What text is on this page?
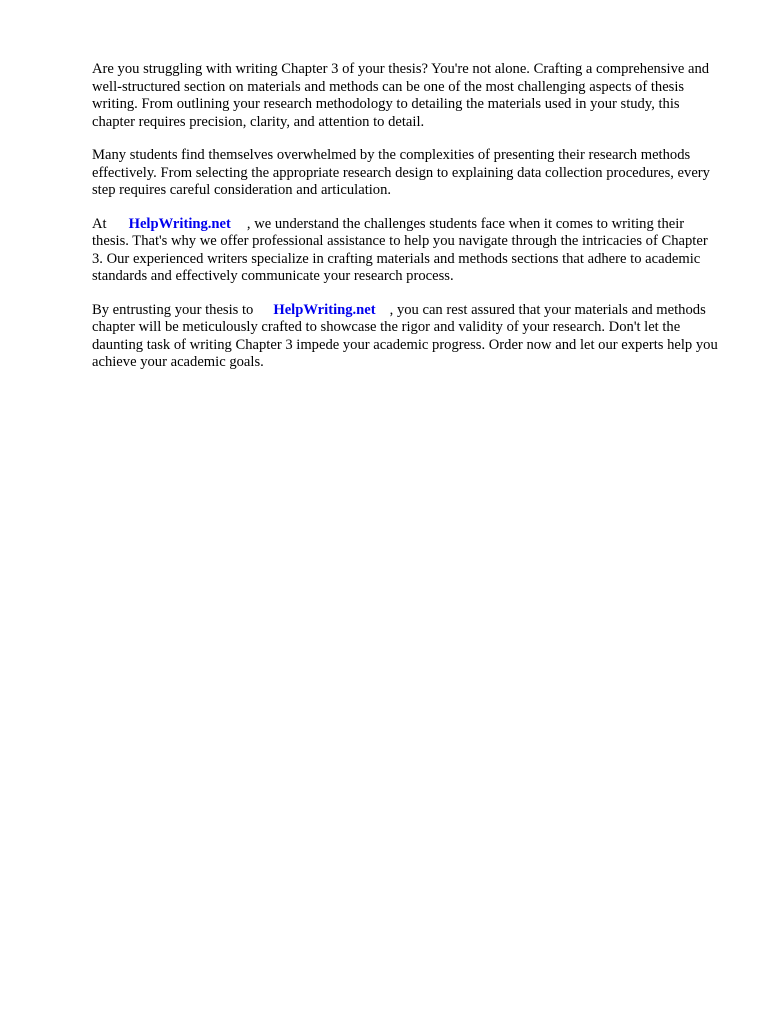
Are you struggling with writing Chapter 3 of your thesis? You're not alone. Crafting a comprehensive and well-structured section on materials and methods can be one of the most challenging aspects of thesis writing. From outlining your research methodology to detailing the materials used in your study, this chapter requires precision, clarity, and attention to detail.

Many students find themselves overwhelmed by the complexities of presenting their research methods effectively. From selecting the appropriate research design to explaining data collection procedures, every step requires careful consideration and articulation.

At HelpWriting.net , we understand the challenges students face when it comes to writing their thesis. That's why we offer professional assistance to help you navigate through the intricacies of Chapter 3. Our experienced writers specialize in crafting materials and methods sections that adhere to academic standards and effectively communicate your research process.

By entrusting your thesis to HelpWriting.net , you can rest assured that your materials and methods chapter will be meticulously crafted to showcase the rigor and validity of your research. Don't let the daunting task of writing Chapter 3 impede your academic progress. Order now and let our experts help you achieve your academic goals.
